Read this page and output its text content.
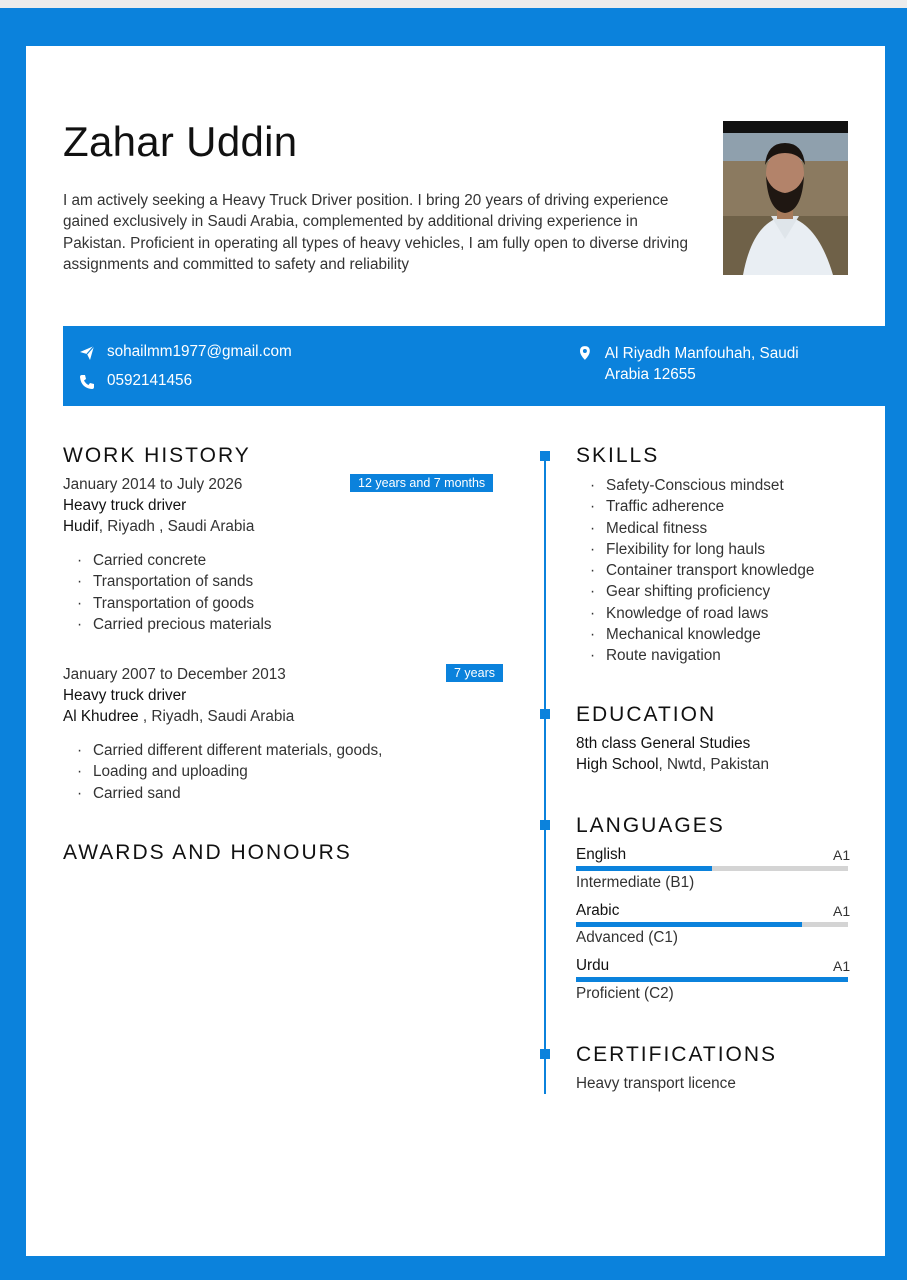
Zahar Uddin
I am actively seeking a Heavy Truck Driver position. I bring 20 years of driving experience gained exclusively in Saudi Arabia, complemented by additional driving experience in Pakistan. Proficient in operating all types of heavy vehicles, I am fully open to diverse driving assignments and committed to safety and reliability
sohailmm1977@gmail.com
0592141456
Al Riyadh Manfouhah, Saudi Arabia 12655
WORK HISTORY
January 2014 to July 2026	12 years and 7 months
Heavy truck driver
Hudif, Riyadh , Saudi Arabia
· Carried concrete
· Transportation of sands
· Transportation of goods
· Carried precious materials
January 2007 to December 2013	7 years
Heavy truck driver
Al Khudree , Riyadh, Saudi Arabia
· Carried different different materials, goods,
· Loading and uploading
· Carried sand
AWARDS AND HONOURS
SKILLS
· Safety-Conscious mindset
· Traffic adherence
· Medical fitness
· Flexibility for long hauls
· Container transport knowledge
· Gear shifting proficiency
· Knowledge of road laws
· Mechanical knowledge
· Route navigation
EDUCATION
8th class General Studies
High School, Nwtd, Pakistan
LANGUAGES
English	A1
Intermediate (B1)
Arabic	A1
Advanced (C1)
Urdu	A1
Proficient (C2)
CERTIFICATIONS
Heavy transport licence
